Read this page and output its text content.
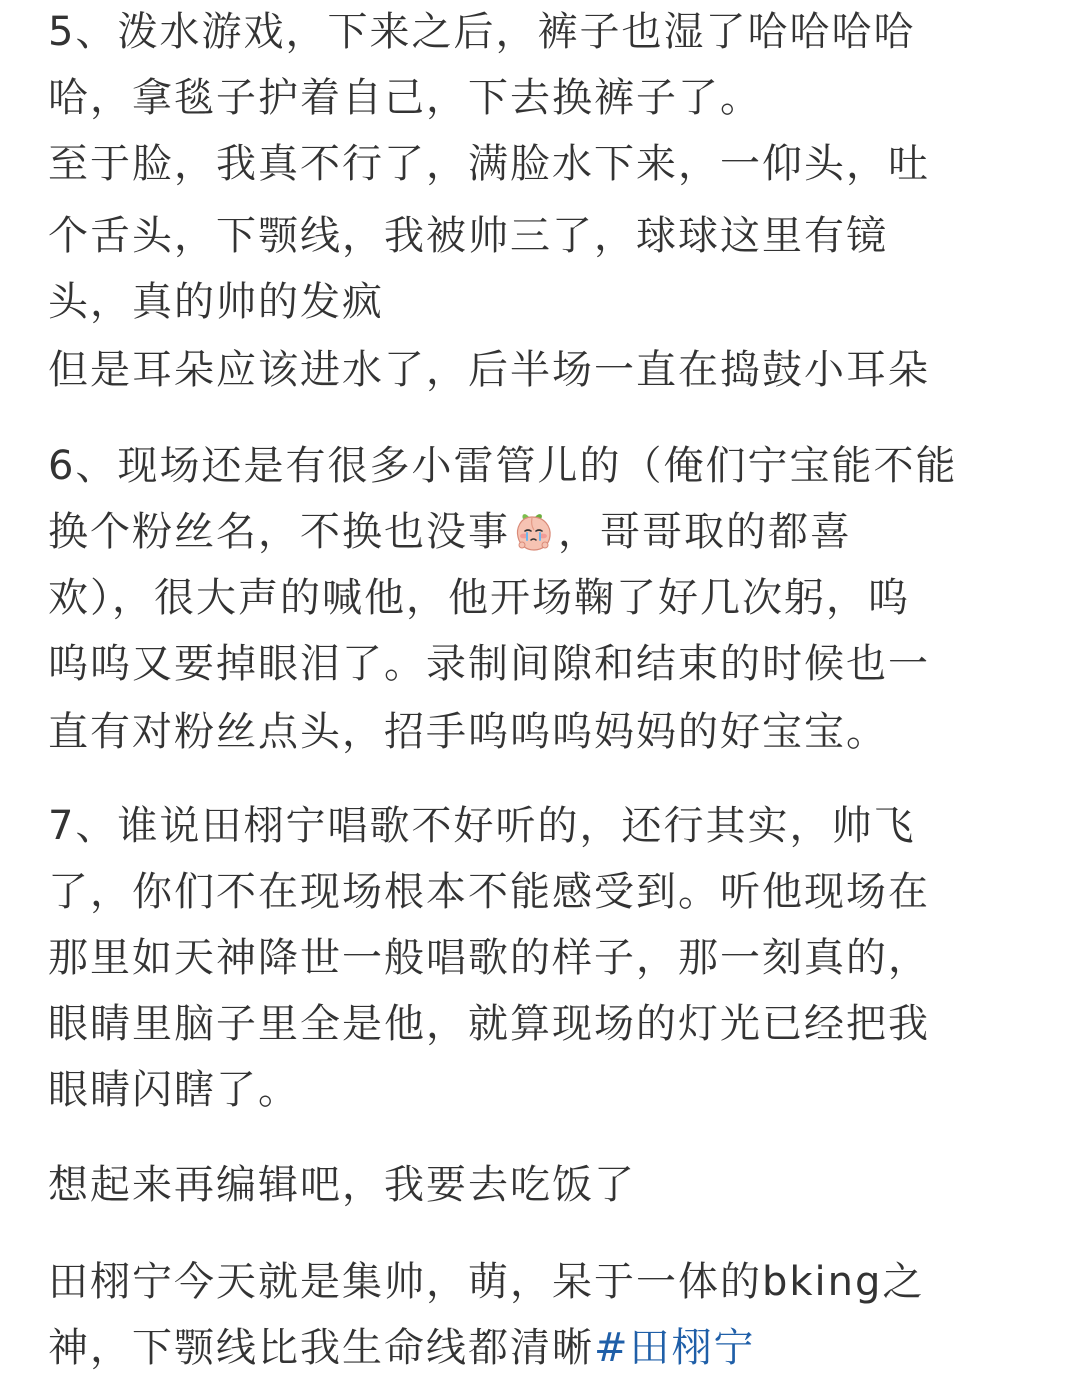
5、泼水游戏，下来之后，裤子也湿了哈哈哈哈
哈，拿毯子护着自己，下去换裤子了。
至于脸，我真不行了，满脸水下来，一仰头，吐
个舌头，下颚线，我被帅三了，球球这里有镜
头，真的帅的发疯
但是耳朵应该进水了，后半场一直在捣鼓小耳朵
6、现场还是有很多小雷管儿的（俺们宁宝能不能
换个粉丝名，不换也没事 ，哥哥取的都喜
欢），很大声的喊他，他开场鞠了好几次躬，呜
呜呜又要掉眼泪了。录制间隙和结束的时候也一
直有对粉丝点头，招手呜呜呜妈妈的好宝宝。
7、谁说田栩宁唱歌不好听的，还行其实，帅飞
了，你们不在现场根本不能感受到。听他现场在
那里如天神降世一般唱歌的样子，那一刻真的，
眼睛里脑子里全是他，就算现场的灯光已经把我
眼睛闪瞎了。
想起来再编辑吧，我要去吃饭了
田栩宁今天就是集帅，萌，呆于一体的bking之
神，下颚线比我生命线都清晰#田栩宁
